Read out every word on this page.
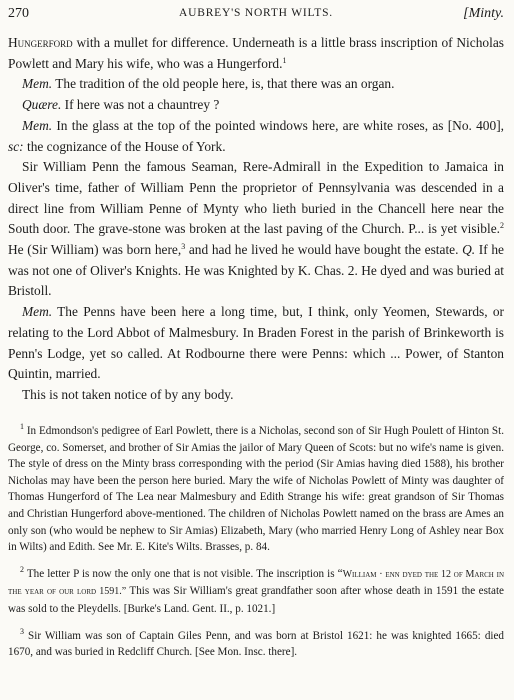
270	AUBREY'S NORTH WILTS.	[Minty.

Hungerford with a mullet for difference. Underneath is a little brass inscription of Nicholas Powlett and Mary his wife, who was a Hungerford.$^1$

Mem. The tradition of the old people here, is, that there was an organ.

Quære. If here was not a chauntrey ?

Mem. In the glass at the top of the pointed windows here, are white roses, as [No. 400], sc: the cognizance of the House of York.

Sir William Penn the famous Seaman, Rere-Admirall in the Expedition to Jamaica in Oliver's time, father of William Penn the proprietor of Pennsylvania was descended in a direct line from William Penne of Mynty who lieth buried in the Chancell here near the South door. The grave-stone was broken at the last paving of the Church. P... is yet visible.$^2$ He (Sir William) was born here,$^3$ and had he lived he would have bought the estate. Q. If he was not one of Oliver's Knights. He was Knighted by K. Chas. 2. He dyed and was buried at Bristoll.

Mem. The Penns have been here a long time, but, I think, only Yeomen, Stewards, or relating to the Lord Abbot of Malmesbury. In Braden Forest in the parish of Brinkeworth is Penn's Lodge, yet so called. At Rodbourne there were Penns: which ... Power, of Stanton Quintin, married.

This is not taken notice of by any body.

$^1$ In Edmondson's pedigree of Earl Powlett, there is a Nicholas, second son of Sir Hugh Poulett of Hinton St. George, co. Somerset, and brother of Sir Amias the jailor of Mary Queen of Scots: but no wife's name is given. The style of dress on the Minty brass corresponding with the period (Sir Amias having died 1588), his brother Nicholas may have been the person here buried. Mary the wife of Nicholas Powlett of Minty was daughter of Thomas Hungerford of The Lea near Malmesbury and Edith Strange his wife: great grandson of Sir Thomas and Christian Hungerford above-mentioned. The children of Nicholas Powlett named on the brass are Ames an only son (who would be nephew to Sir Amias) Elizabeth, Mary (who married Henry Long of Ashley near Box in Wilts) and Edith. See Mr. E. Kite's Wilts. Brasses, p. 84.

$^2$ The letter P is now the only one that is not visible. The inscription is “William · enn dyed the 12 of March in the year of our lord 1591.” This was Sir William's great grandfather soon after whose death in 1591 the estate was sold to the Pleydells. [Burke's Land. Gent. II., p. 1021.]

$^3$ Sir William was son of Captain Giles Penn, and was born at Bristol 1621: he was knighted 1665: died 1670, and was buried in Redcliff Church. [See Mon. Insc. there].
